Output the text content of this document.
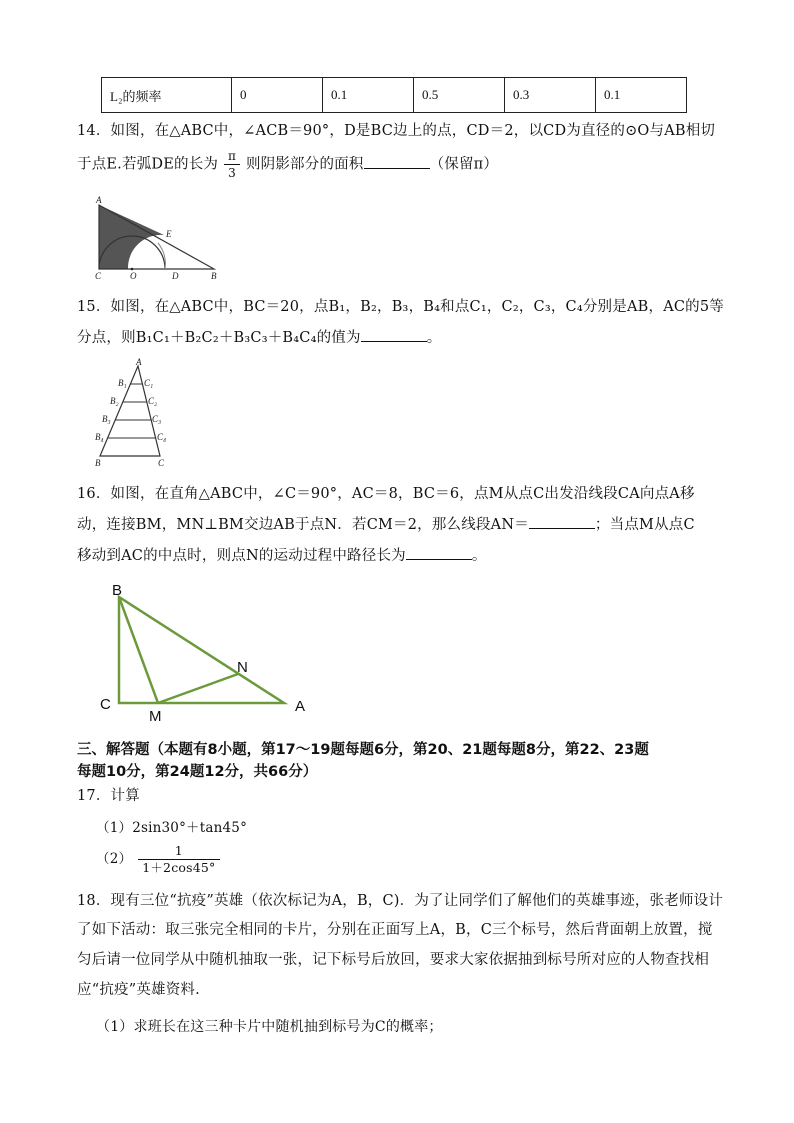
L₂的频率	0	0.1	0.5	0.3	0.1
14．如图，在△ABC中，∠ACB＝90°，D是BC边上的点，CD＝2，以CD为直径的⊙O与AB相切
于点E.若弧DE的长为 $\frac{\pi}{3}$ 则阴影部分的面积	（保留π）
A
E
C	O	D	B
15．如图，在△ABC中，BC＝20，点B₁，B₂，B₃，B₄和点C₁，C₂，C₃，C₄分别是AB，AC的5等
分点，则B₁C₁＋B₂C₂＋B₃C₃＋B₄C₄的值为	。
A
B₁
B₂
B₃
B₄
C₁
C₂
C₃
C₄
B	C
16．如图，在直角△ABC中，∠C＝90°，AC＝8，BC＝6，点M从点C出发沿线段CA向点A移
动，连接BM，MN⊥BM交边AB于点N．若CM＝2，那么线段AN＝	；当点M从点C
移动到AC的中点时，则点N的运动过程中路径长为	。
B
N
C
M
A
三、解答题（本题有8小题，第17～19题每题6分，第20、21题每题8分，第22、23题
每题10分，第24题12分，共66分）
17．计算
（1）2sin30°＋tan45°
$(2) \frac{1}{1+2\cos 45^\circ}$
18．现有三位“抗疫”英雄（依次标记为A，B，C)．为了让同学们了解他们的英雄事迹，张老师设计
了如下活动：取三张完全相同的卡片，分别在正面写上A，B，C三个标号，然后背面朝上放置，搅
匀后请一位同学从中随机抽取一张，记下标号后放回，要求大家依据抽到标号所对应的人物查找相
应“抗疫”英雄资料.
（1）求班长在这三种卡片中随机抽到标号为C的概率；
